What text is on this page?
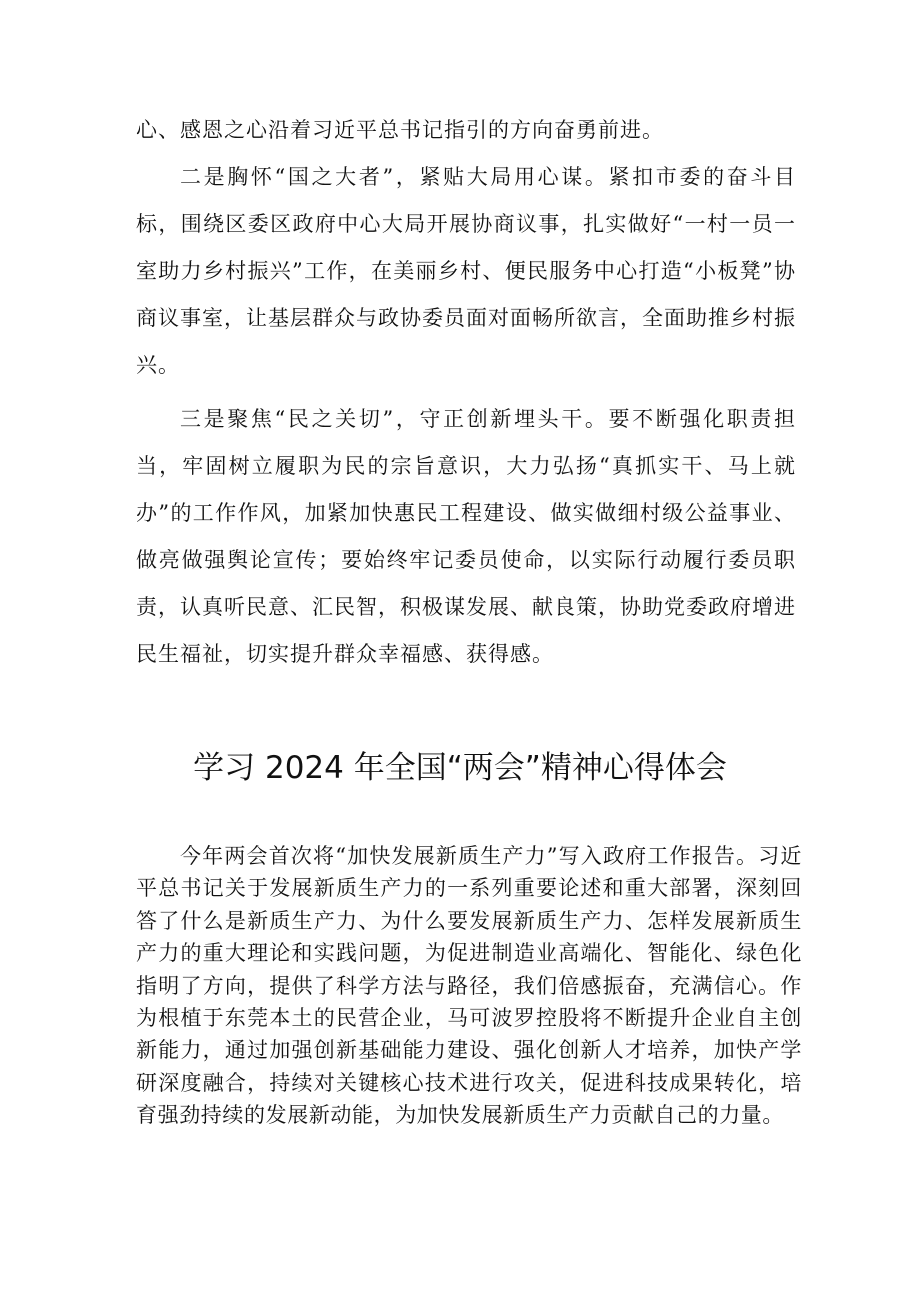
心、感恩之心沿着习近平总书记指引的方向奋勇前进。

二是胸怀“国之大者”，紧贴大局用心谋。紧扣市委的奋斗目标，围绕区委区政府中心大局开展协商议事，扎实做好“一村一员一室助力乡村振兴”工作，在美丽乡村、便民服务中心打造“小板凳”协商议事室，让基层群众与政协委员面对面畅所欲言，全面助推乡村振兴。

三是聚焦“民之关切”，守正创新埋头干。要不断强化职责担当，牢固树立履职为民的宗旨意识，大力弘扬“真抓实干、马上就办”的工作作风，加紧加快惠民工程建设、做实做细村级公益事业、做亮做强舆论宣传；要始终牢记委员使命，以实际行动履行委员职责，认真听民意、汇民智，积极谋发展、献良策，协助党委政府增进民生福祉，切实提升群众幸福感、获得感。

学习 2024 年全国“两会”精神心得体会

今年两会首次将“加快发展新质生产力”写入政府工作报告。习近平总书记关于发展新质生产力的一系列重要论述和重大部署，深刻回答了什么是新质生产力、为什么要发展新质生产力、怎样发展新质生产力的重大理论和实践问题，为促进制造业高端化、智能化、绿色化指明了方向，提供了科学方法与路径，我们倍感振奋，充满信心。作为根植于东莞本土的民营企业，马可波罗控股将不断提升企业自主创新能力，通过加强创新基础能力建设、强化创新人才培养，加快产学研深度融合，持续对关键核心技术进行攻关，促进科技成果转化，培育强劲持续的发展新动能，为加快发展新质生产力贡献自己的力量。
